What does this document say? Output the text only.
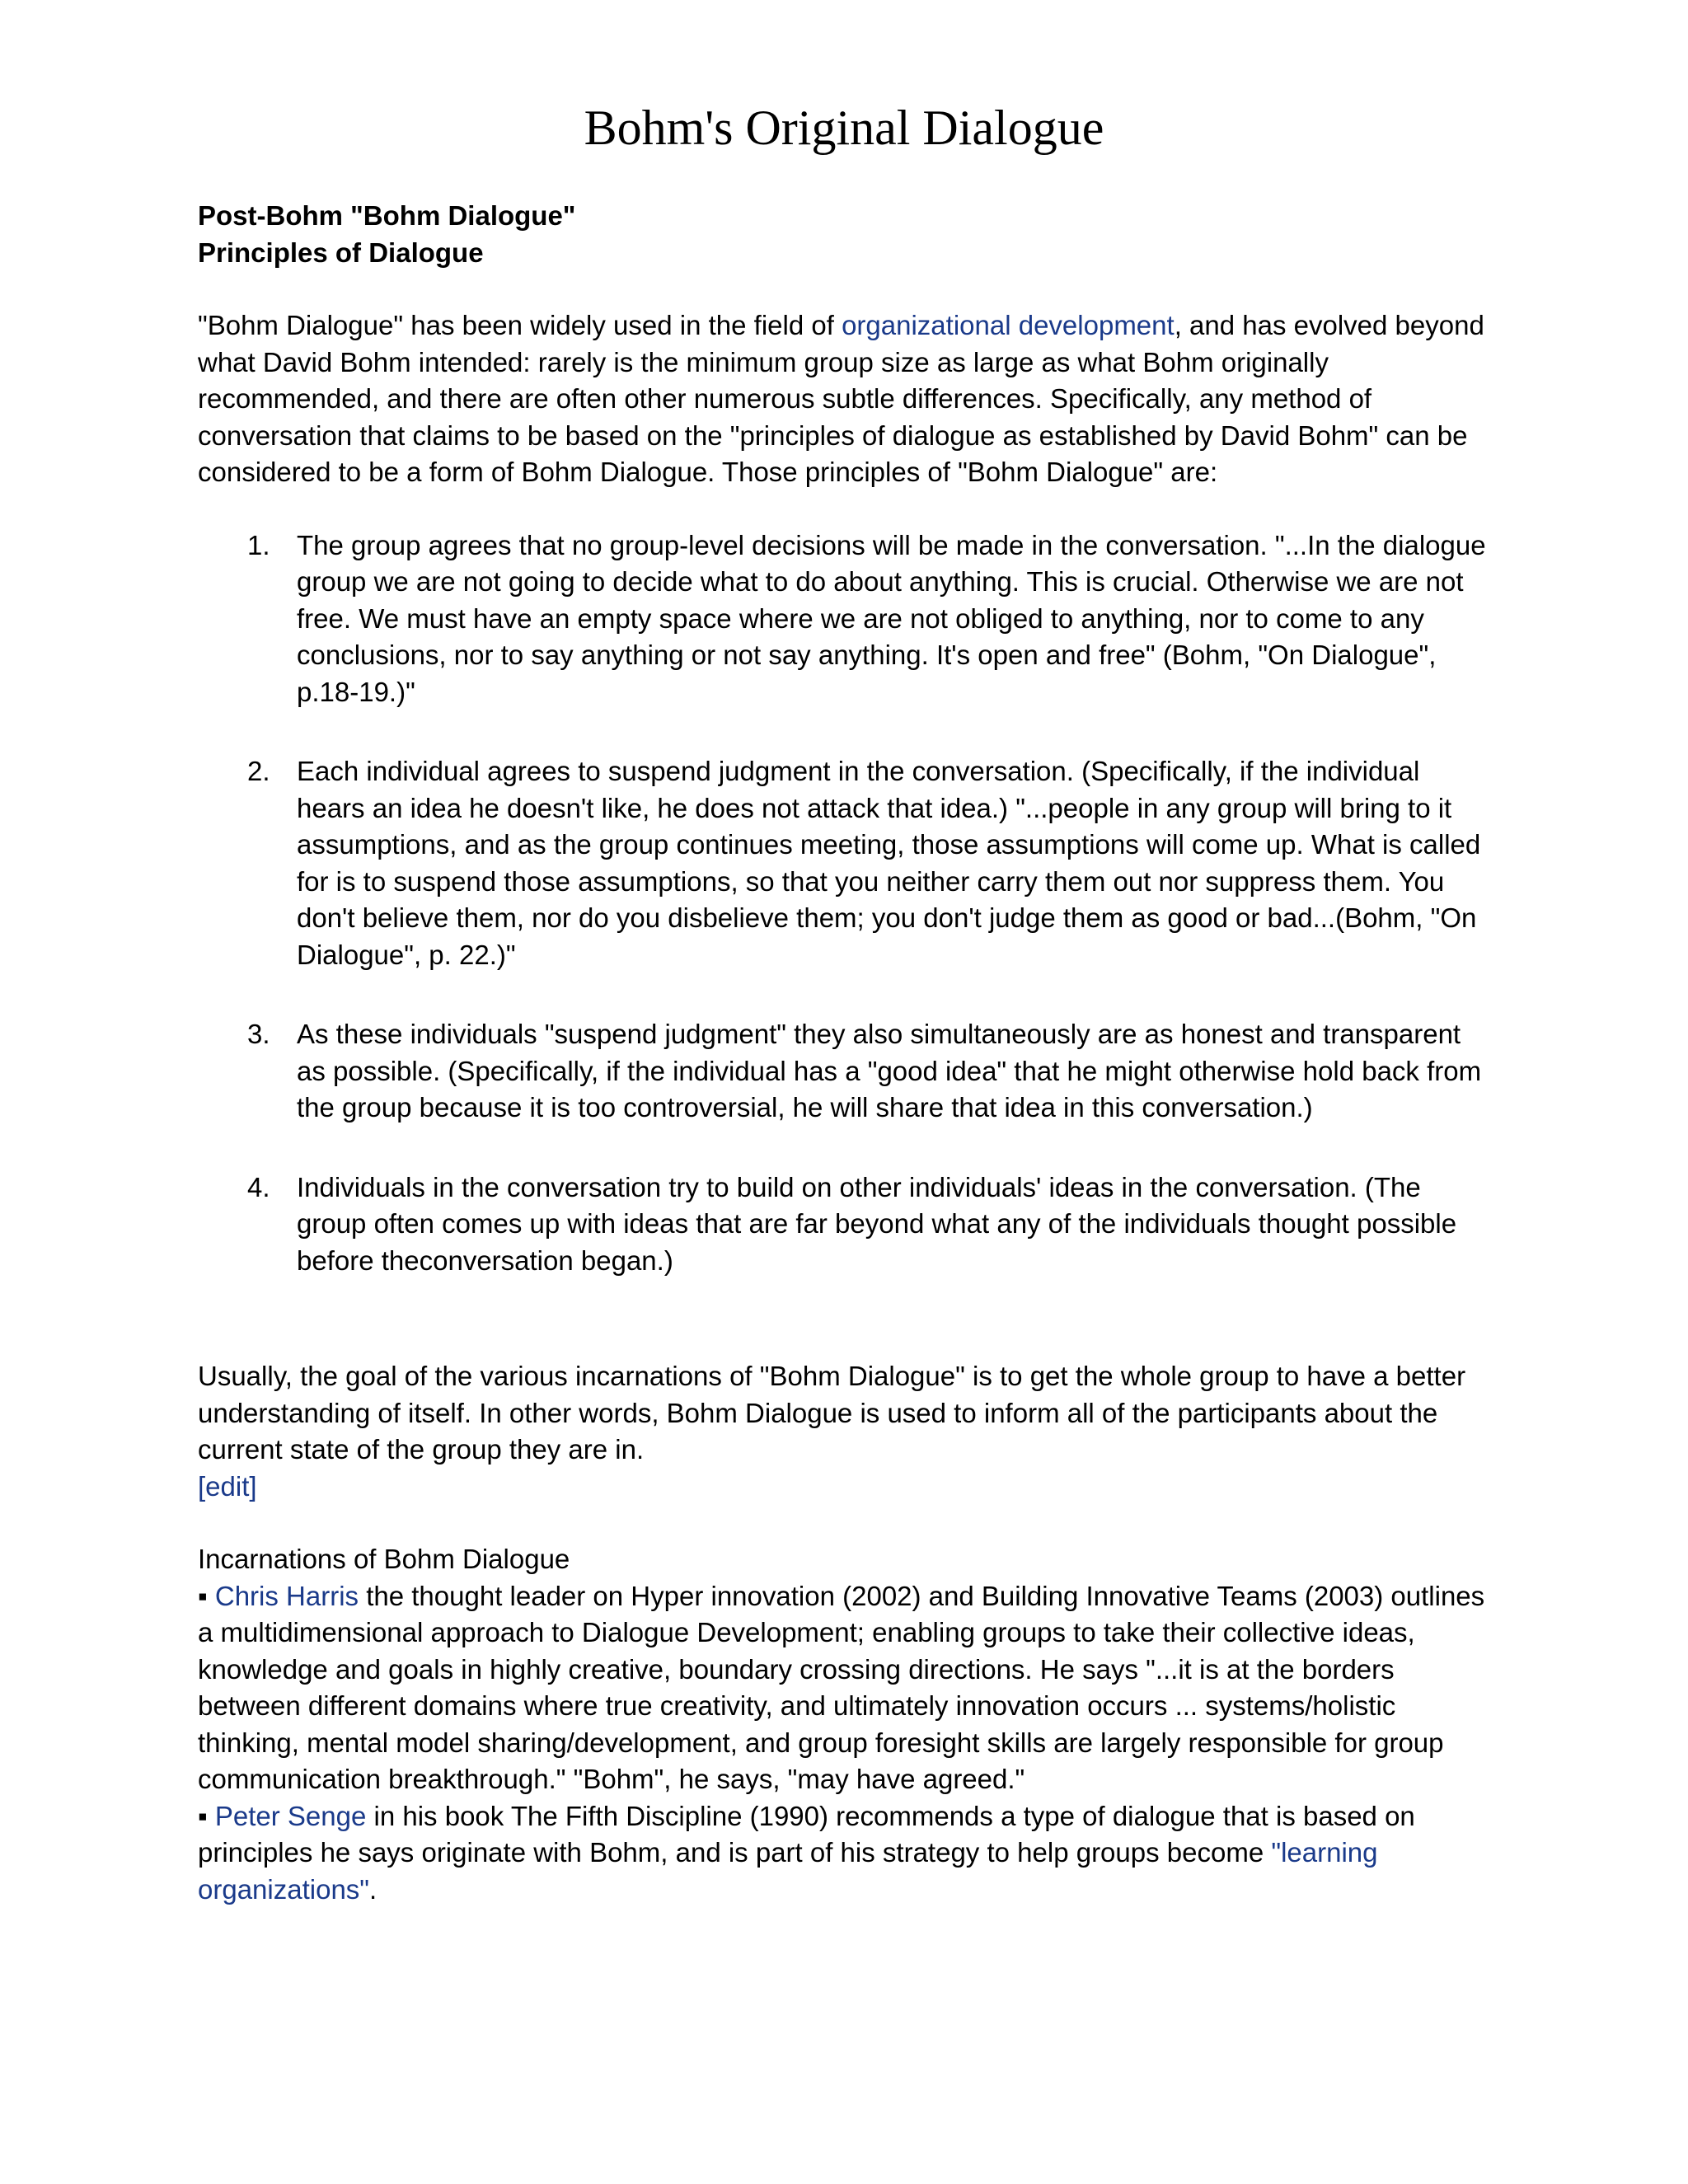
Bohm's Original Dialogue

Post-Bohm "Bohm Dialogue"

Principles of Dialogue

"Bohm Dialogue" has been widely used in the field of organizational development, and has evolved beyond what David Bohm intended: rarely is the minimum group size as large as what Bohm originally recommended, and there are often other numerous subtle differences. Specifically, any method of conversation that claims to be based on the "principles of dialogue as established by David Bohm" can be considered to be a form of Bohm Dialogue. Those principles of "Bohm Dialogue" are:

1. The group agrees that no group-level decisions will be made in the conversation. "...In the dialogue group we are not going to decide what to do about anything. This is crucial. Otherwise we are not free. We must have an empty space where we are not obliged to anything, nor to come to any conclusions, nor to say anything or not say anything. It's open and free" (Bohm, "On Dialogue", p.18-19.)"
2. Each individual agrees to suspend judgment in the conversation. (Specifically, if the individual hears an idea he doesn't like, he does not attack that idea.) "...people in any group will bring to it assumptions, and as the group continues meeting, those assumptions will come up. What is called for is to suspend those assumptions, so that you neither carry them out nor suppress them. You don't believe them, nor do you disbelieve them; you don't judge them as good or bad...(Bohm, "On Dialogue", p. 22.)"
3. As these individuals "suspend judgment" they also simultaneously are as honest and transparent as possible. (Specifically, if the individual has a "good idea" that he might otherwise hold back from the group because it is too controversial, he will share that idea in this conversation.)
4. Individuals in the conversation try to build on other individuals' ideas in the conversation. (The group often comes up with ideas that are far beyond what any of the individuals thought possible before theconversation began.)

Usually, the goal of the various incarnations of "Bohm Dialogue" is to get the whole group to have a better understanding of itself. In other words, Bohm Dialogue is used to inform all of the participants about the current state of the group they are in.

[edit]

Incarnations of Bohm Dialogue

▪ Chris Harris the thought leader on Hyper innovation (2002) and Building Innovative Teams (2003) outlines a multidimensional approach to Dialogue Development; enabling groups to take their collective ideas, knowledge and goals in highly creative, boundary crossing directions. He says "...it is at the borders between different domains where true creativity, and ultimately innovation occurs ... systems/holistic thinking, mental model sharing/development, and group foresight skills are largely responsible for group communication breakthrough." "Bohm", he says, "may have agreed."

▪ Peter Senge in his book The Fifth Discipline (1990) recommends a type of dialogue that is based on principles he says originate with Bohm, and is part of his strategy to help groups become "learning organizations".
